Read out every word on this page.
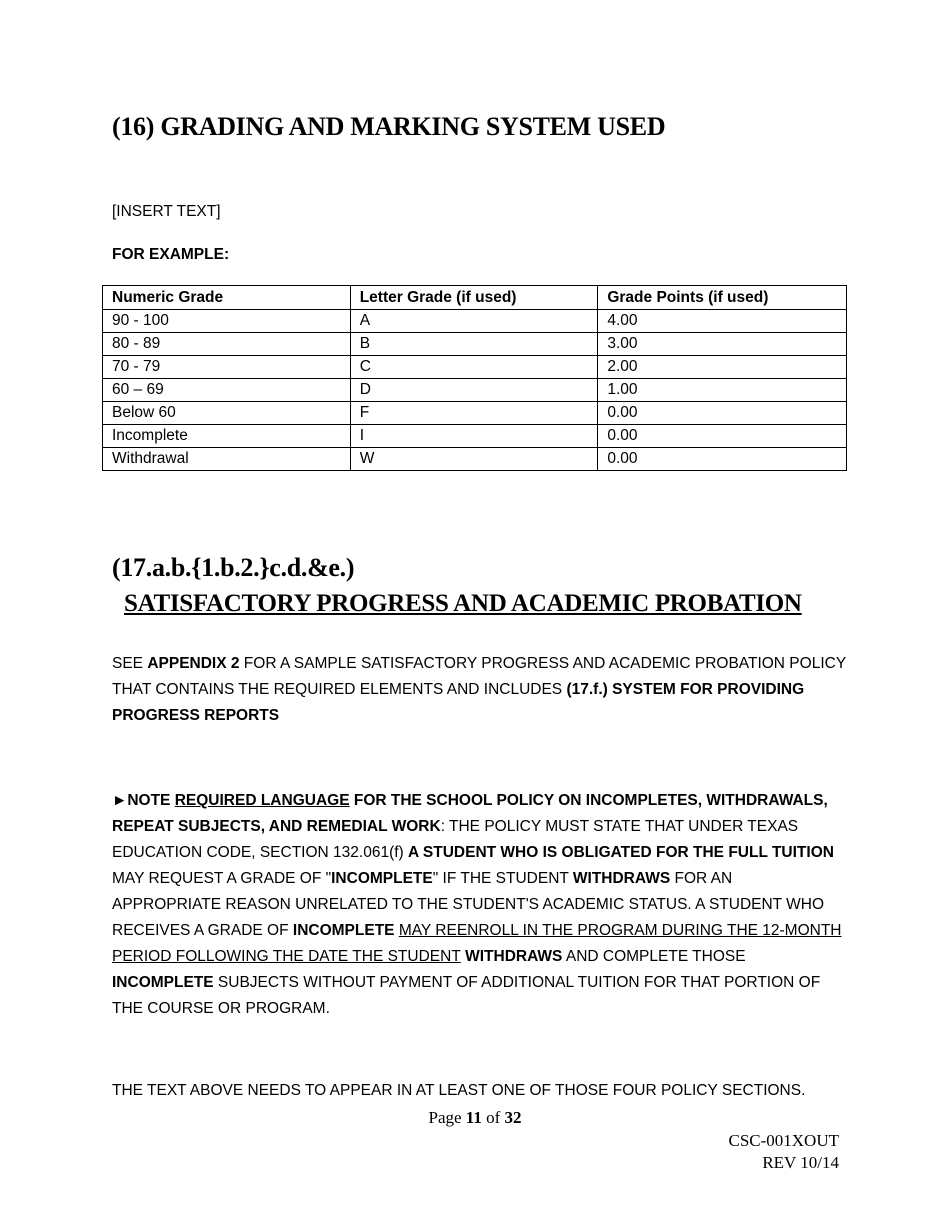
(16) GRADING AND MARKING SYSTEM USED
[INSERT TEXT]
FOR EXAMPLE:
Numeric Grade	Letter Grade (if used)	Grade Points (if used)
90 - 100	A	4.00
80 - 89	B	3.00
70 - 79	C	2.00
60 – 69	D	1.00
Below 60	F	0.00
Incomplete	I	0.00
Withdrawal	W	0.00
(17.a.b.{1.b.2.}c.d.&e.)
SATISFACTORY PROGRESS AND ACADEMIC PROBATION
SEE APPENDIX 2 FOR A SAMPLE SATISFACTORY PROGRESS AND ACADEMIC PROBATION POLICY
THAT CONTAINS THE REQUIRED ELEMENTS AND INCLUDES (17.f.) SYSTEM FOR PROVIDING
PROGRESS REPORTS
►NOTE REQUIRED LANGUAGE FOR THE SCHOOL POLICY ON INCOMPLETES, WITHDRAWALS,
REPEAT SUBJECTS, AND REMEDIAL WORK: THE POLICY MUST STATE THAT UNDER TEXAS
EDUCATION CODE, SECTION 132.061(f) A STUDENT WHO IS OBLIGATED FOR THE FULL TUITION
MAY REQUEST A GRADE OF "INCOMPLETE" IF THE STUDENT WITHDRAWS FOR AN
APPROPRIATE REASON UNRELATED TO THE STUDENT'S ACADEMIC STATUS. A STUDENT WHO
RECEIVES A GRADE OF INCOMPLETE MAY REENROLL IN THE PROGRAM DURING THE 12-MONTH
PERIOD FOLLOWING THE DATE THE STUDENT WITHDRAWS AND COMPLETE THOSE
INCOMPLETE SUBJECTS WITHOUT PAYMENT OF ADDITIONAL TUITION FOR THAT PORTION OF
THE COURSE OR PROGRAM.
THE TEXT ABOVE NEEDS TO APPEAR IN AT LEAST ONE OF THOSE FOUR POLICY SECTIONS.
Page 11 of 32
CSC-001XOUT
REV 10/14
